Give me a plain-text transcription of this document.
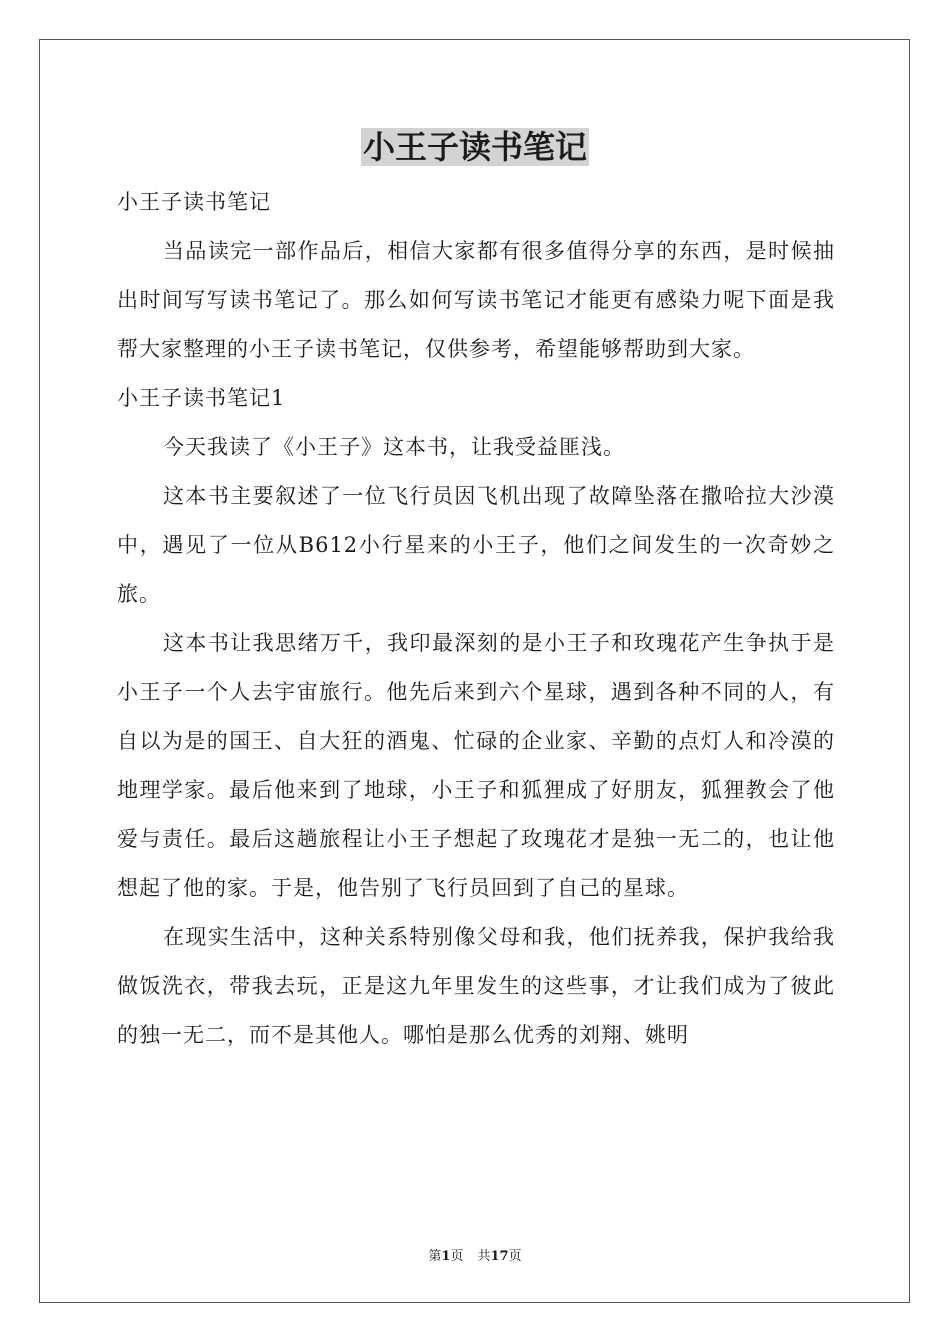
小王子读书笔记

小王子读书笔记

当品读完一部作品后，相信大家都有很多值得分享的东西，是时候抽出时间写写读书笔记了。那么如何写读书笔记才能更有感染力呢下面是我帮大家整理的小王子读书笔记，仅供参考，希望能够帮助到大家。

小王子读书笔记1

今天我读了《小王子》这本书，让我受益匪浅。

这本书主要叙述了一位飞行员因飞机出现了故障坠落在撒哈拉大沙漠中，遇见了一位从B612小行星来的小王子，他们之间发生的一次奇妙之旅。

这本书让我思绪万千，我印最深刻的是小王子和玫瑰花产生争执于是小王子一个人去宇宙旅行。他先后来到六个星球，遇到各种不同的人，有自以为是的国王、自大狂的酒鬼、忙碌的企业家、辛勤的点灯人和冷漠的地理学家。最后他来到了地球，小王子和狐狸成了好朋友，狐狸教会了他爱与责任。最后这趟旅程让小王子想起了玫瑰花才是独一无二的，也让他想起了他的家。于是，他告别了飞行员回到了自己的星球。

在现实生活中，这种关系特别像父母和我，他们抚养我，保护我给我做饭洗衣，带我去玩，正是这九年里发生的这些事，才让我们成为了彼此的独一无二，而不是其他人。哪怕是那么优秀的刘翔、姚明

第1页 共17页
